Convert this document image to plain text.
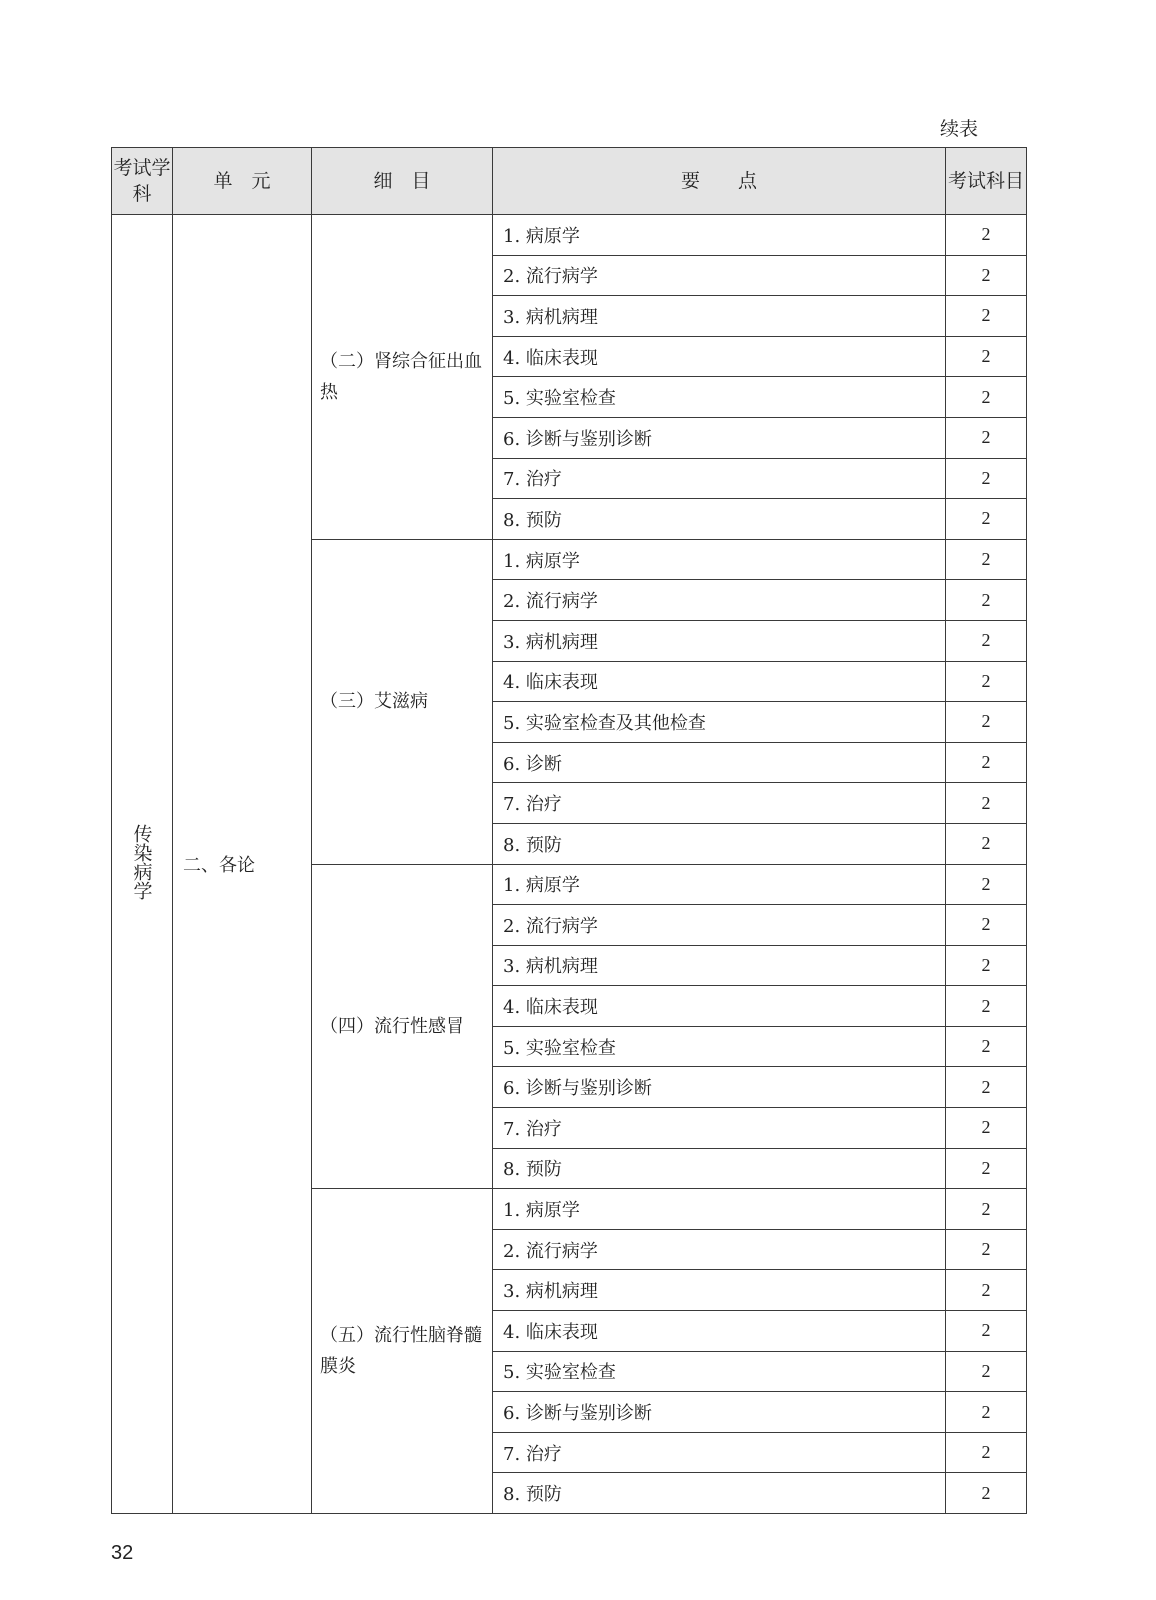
续表
考试学科	单　元	细　目	要　　点	考试科目
传染病学	二、各论	（二）肾综合征出血热	1. 病原学	2
			2. 流行病学	2
			3. 病机病理	2
			4. 临床表现	2
			5. 实验室检查	2
			6. 诊断与鉴别诊断	2
			7. 治疗	2
			8. 预防	2
		（三）艾滋病	1. 病原学	2
			2. 流行病学	2
			3. 病机病理	2
			4. 临床表现	2
			5. 实验室检查及其他检查	2
			6. 诊断	2
			7. 治疗	2
			8. 预防	2
		（四）流行性感冒	1. 病原学	2
			2. 流行病学	2
			3. 病机病理	2
			4. 临床表现	2
			5. 实验室检查	2
			6. 诊断与鉴别诊断	2
			7. 治疗	2
			8. 预防	2
		（五）流行性脑脊髓膜炎	1. 病原学	2
			2. 流行病学	2
			3. 病机病理	2
			4. 临床表现	2
			5. 实验室检查	2
			6. 诊断与鉴别诊断	2
			7. 治疗	2
			8. 预防	2
32
